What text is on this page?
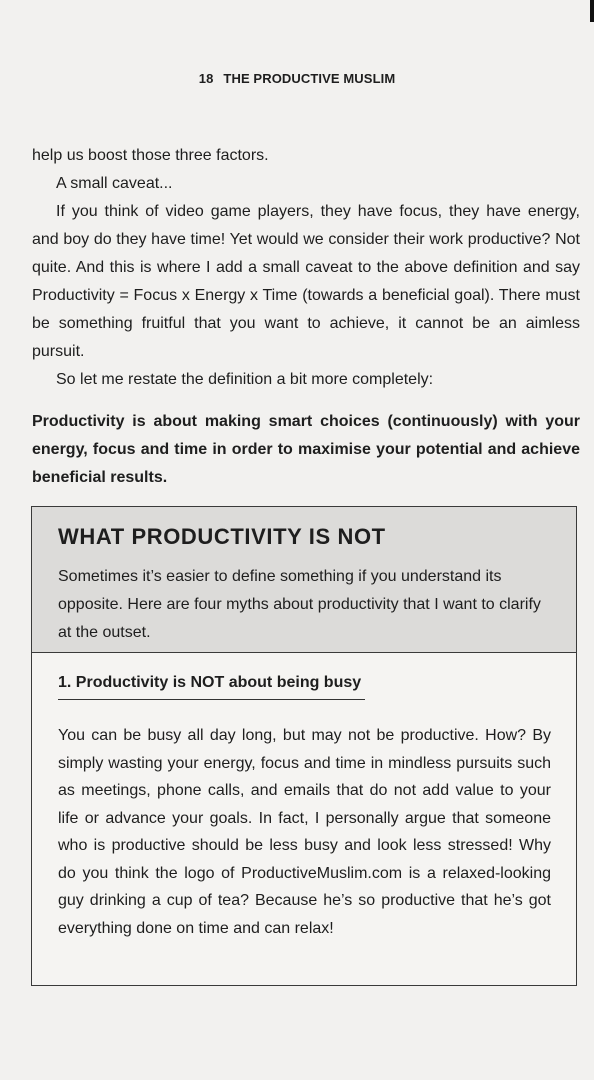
18 THE PRODUCTIVE MUSLIM

help us boost those three factors.

A small caveat...

If you think of video game players, they have focus, they have energy, and boy do they have time! Yet would we consider their work productive? Not quite. And this is where I add a small caveat to the above definition and say Productivity = Focus x Energy x Time (towards a beneficial goal). There must be something fruitful that you want to achieve, it cannot be an aimless pursuit.

So let me restate the definition a bit more completely:

Productivity is about making smart choices (continuously) with your energy, focus and time in order to maximise your potential and achieve beneficial results.

WHAT PRODUCTIVITY IS NOT

Sometimes it’s easier to define something if you understand its opposite. Here are four myths about productivity that I want to clarify at the outset.

1. Productivity is NOT about being busy

You can be busy all day long, but may not be productive. How? By simply wasting your energy, focus and time in mindless pursuits such as meetings, phone calls, and emails that do not add value to your life or advance your goals. In fact, I personally argue that someone who is productive should be less busy and look less stressed! Why do you think the logo of ProductiveMuslim.com is a relaxed-looking guy drinking a cup of tea? Because he’s so productive that he’s got everything done on time and can relax!
